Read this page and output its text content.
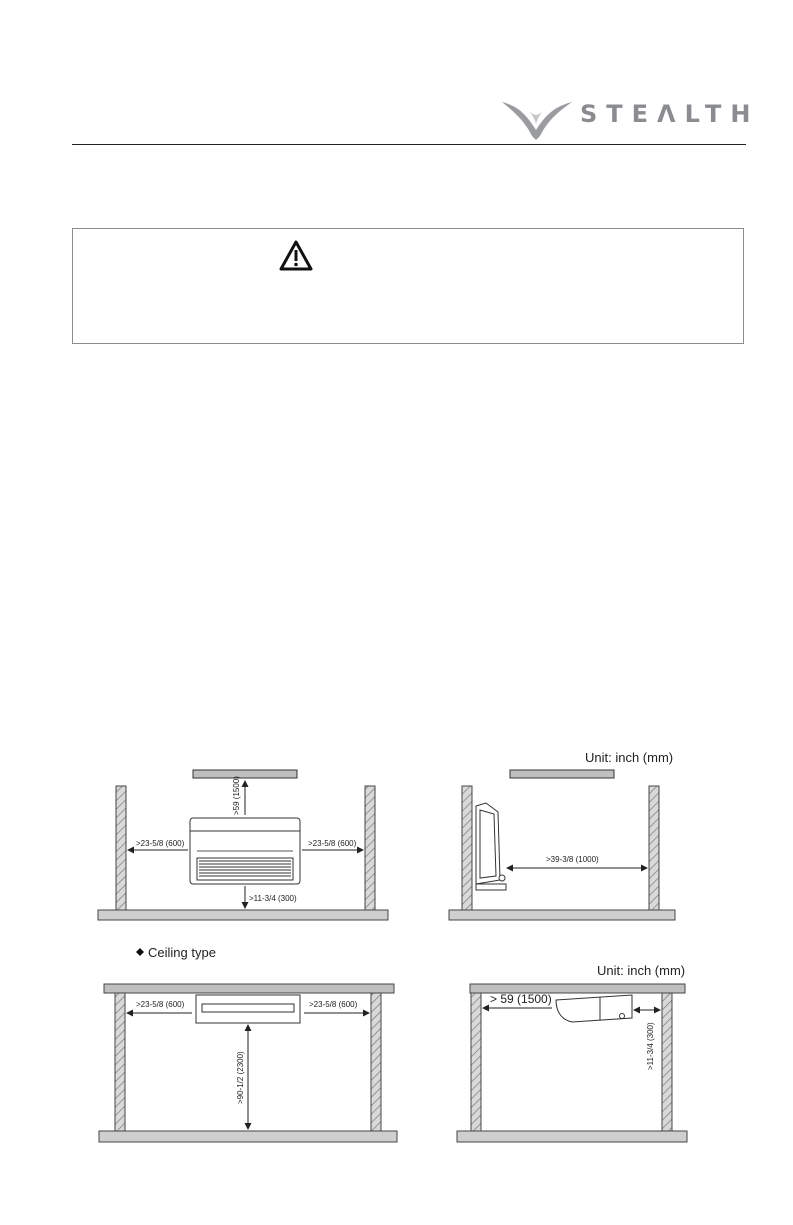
STEΛLTH
Unit: inch (mm)
>59 (1500)
>23-5/8 (600)	>23-5/8 (600)
>11-3/4 (300)
>39-3/8 (1000)
Ceiling type
Unit: inch (mm)
>23-5/8 (600)	>23-5/8 (600)
>90-1/2 (2300)
> 59 (1500)
>11-3/4 (300)
